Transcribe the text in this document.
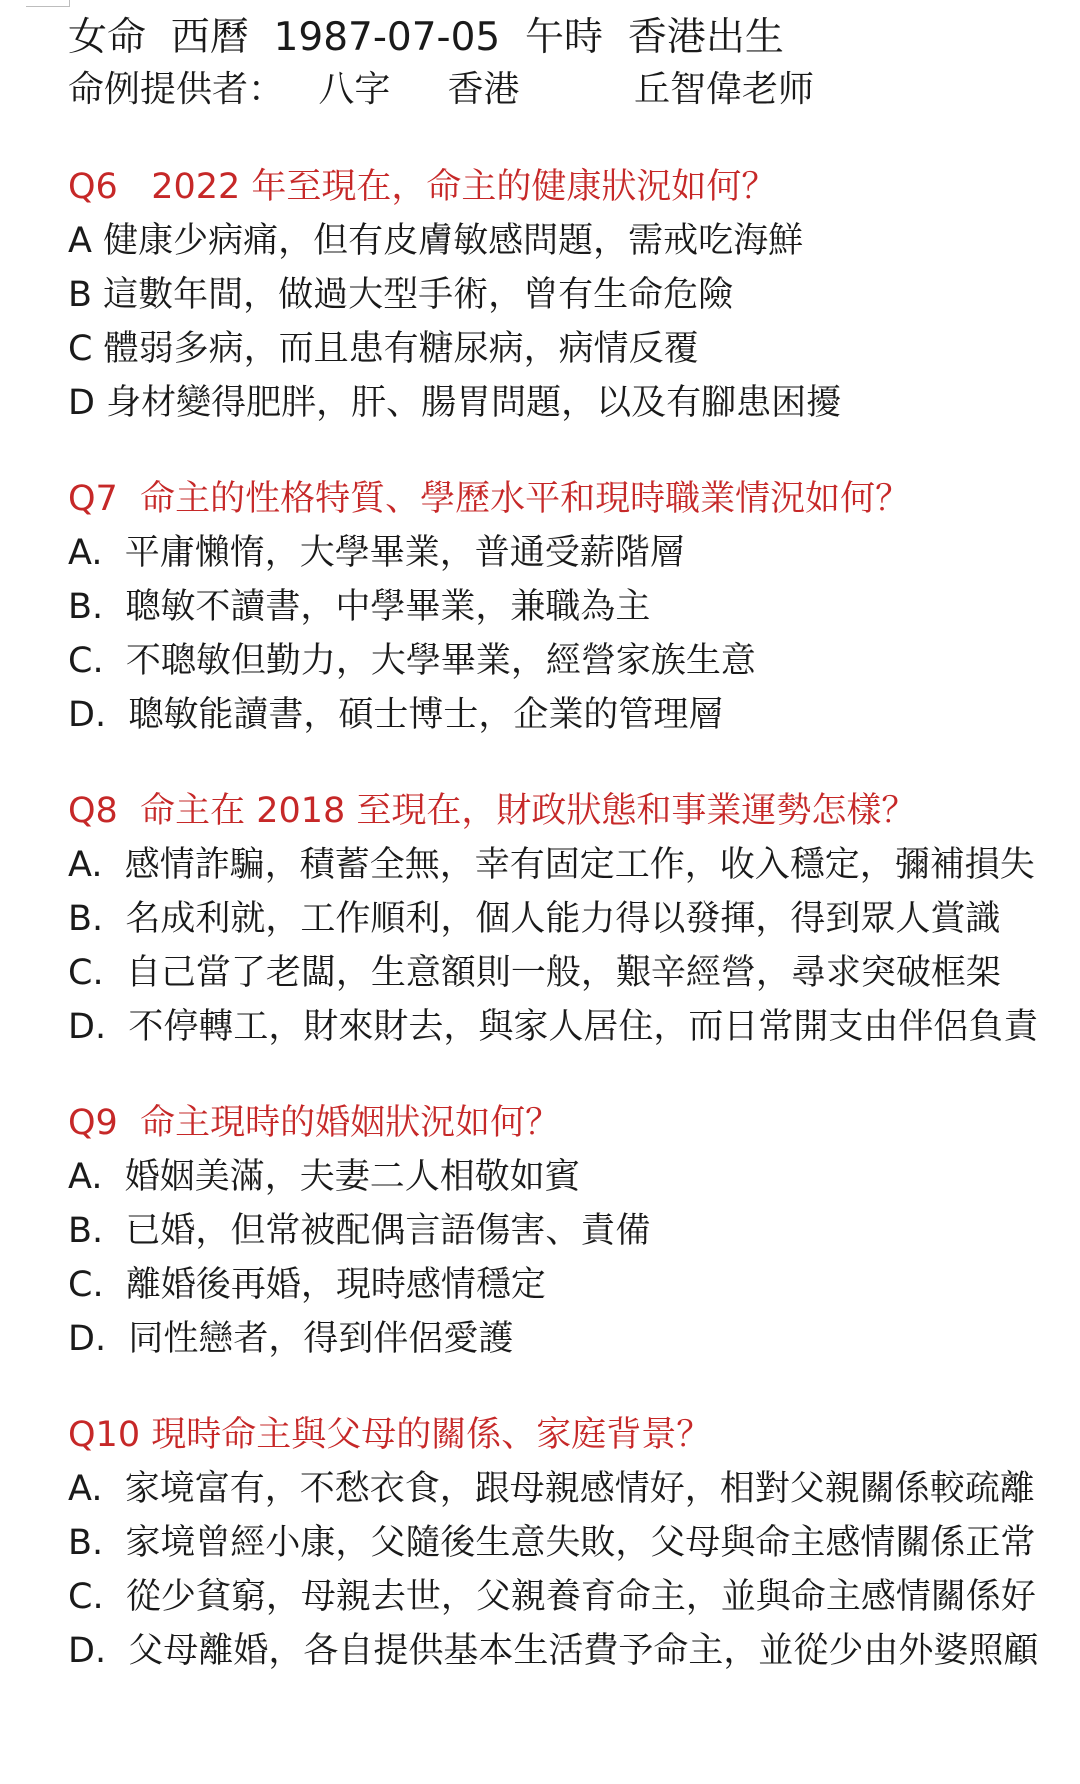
女命  西曆  1987-07-05  午時  香港出生
命例提供者：   八字     香港          丘智偉老师
Q6   2022 年至現在，命主的健康狀況如何？
A 健康少病痛，但有皮膚敏感問題，需戒吃海鮮
B 這數年間，做過大型手術，曾有生命危險
C 體弱多病，而且患有糖尿病，病情反覆
D 身材變得肥胖，肝、腸胃問題，以及有腳患困擾
Q7  命主的性格特質、學歷水平和現時職業情況如何？
A.  平庸懶惰，大學畢業，普通受薪階層
B.  聰敏不讀書，中學畢業，兼職為主
C.  不聰敏但勤力，大學畢業，經營家族生意
D.  聰敏能讀書，碩士博士，企業的管理層
Q8  命主在 2018 至現在，財政狀態和事業運勢怎樣？
A.  感情詐騙，積蓄全無，幸有固定工作，收入穩定，彌補損失
B.  名成利就，工作順利，個人能力得以發揮，得到眾人賞識
C.  自己當了老闆，生意額則一般，艱辛經營，尋求突破框架
D.  不停轉工，財來財去，與家人居住，而日常開支由伴侶負責
Q9  命主現時的婚姻狀況如何？
A.  婚姻美滿，夫妻二人相敬如賓
B.  已婚，但常被配偶言語傷害、責備
C.  離婚後再婚，現時感情穩定
D.  同性戀者，得到伴侶愛護
Q10 現時命主與父母的關係、家庭背景？
A.  家境富有，不愁衣食，跟母親感情好，相對父親關係較疏離
B.  家境曾經小康，父隨後生意失敗，父母與命主感情關係正常
C.  從少貧窮，母親去世，父親養育命主，並與命主感情關係好
D.  父母離婚，各自提供基本生活費予命主，並從少由外婆照顧
